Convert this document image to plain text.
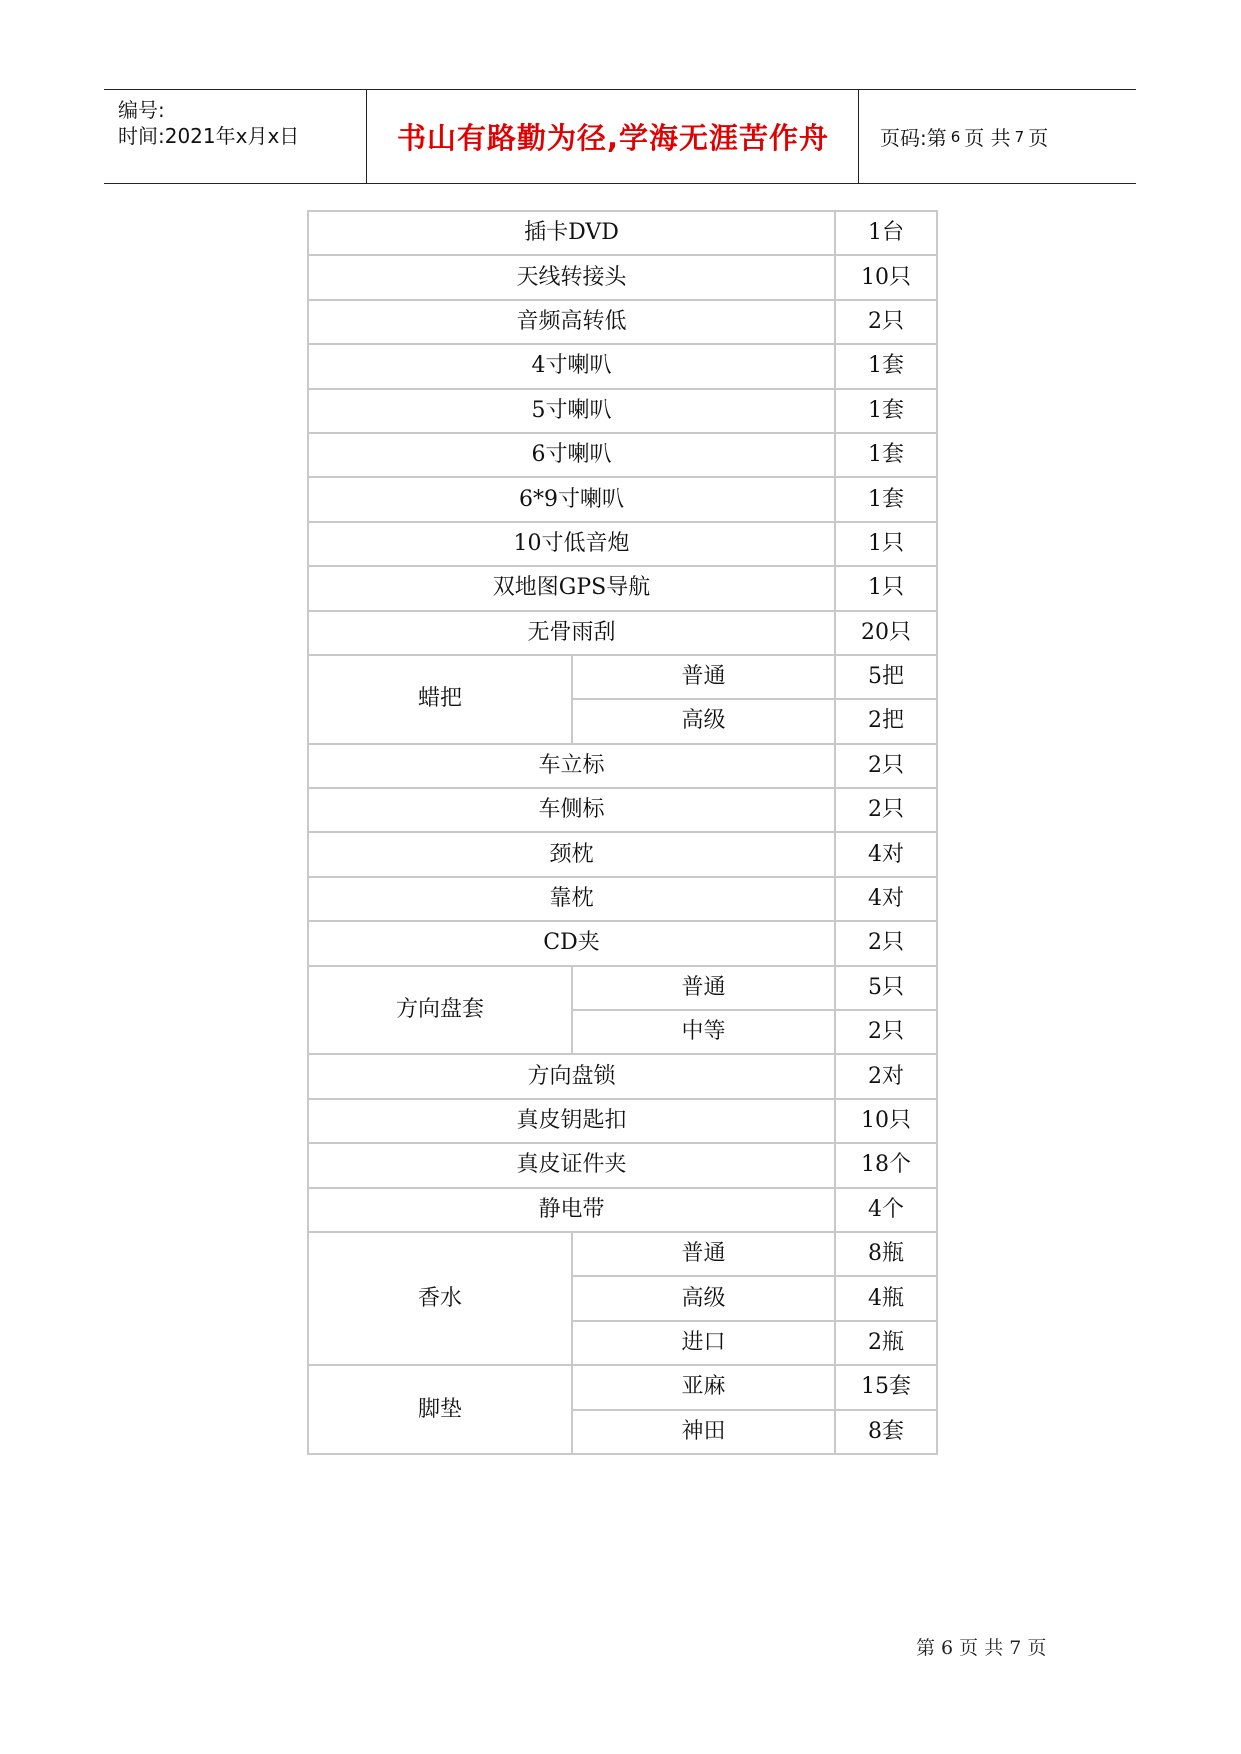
编号:
时间:2021年x月x日	书山有路勤为径,学海无涯苦作舟	页码:第 6 页 共 7 页
插卡DVD		1台
天线转接头		10只
音频高转低		2只
4寸喇叭		1套
5寸喇叭		1套
6寸喇叭		1套
6*9寸喇叭		1套
10寸低音炮		1只
双地图GPS导航		1只
无骨雨刮		20只
蜡把	普通	5把
	高级	2把
车立标		2只
车侧标		2只
颈枕		4对
靠枕		4对
CD夹		2只
方向盘套	普通	5只
	中等	2只
方向盘锁		2对
真皮钥匙扣		10只
真皮证件夹		18个
静电带		4个
香水	普通	8瓶
	高级	4瓶
	进口	2瓶
脚垫	亚麻	15套
	神田	8套
第 6 页 共 7 页
